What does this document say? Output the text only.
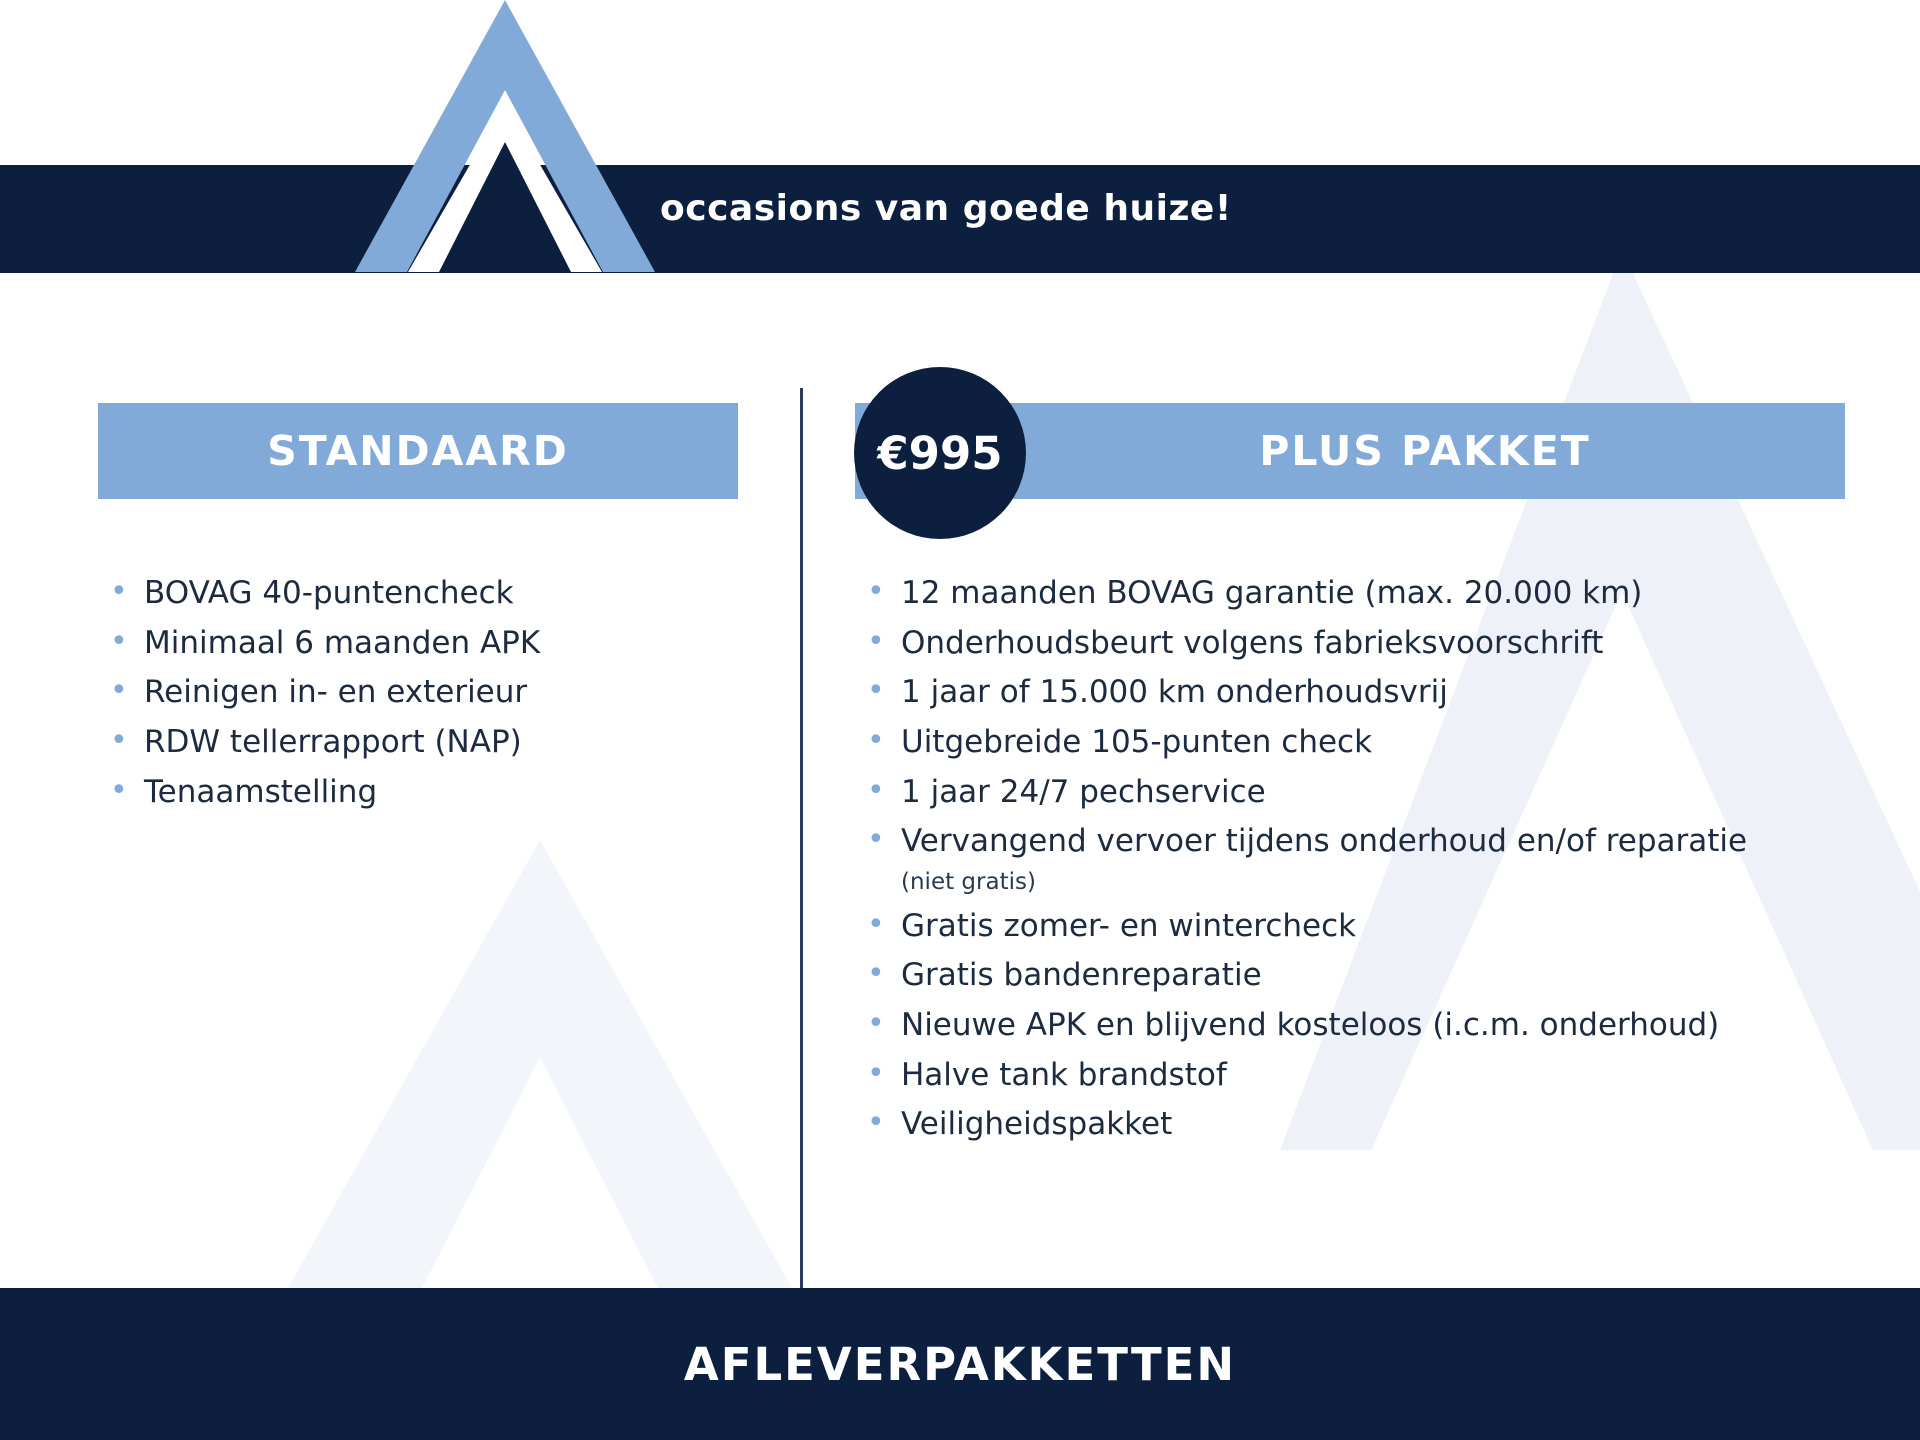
occasions van goede huize!
STANDAARD
• BOVAG 40-puntencheck
• Minimaal 6 maanden APK
• Reinigen in- en exterieur
• RDW tellerrapport (NAP)
• Tenaamstelling
PLUS PAKKET
€995
• 12 maanden BOVAG garantie (max. 20.000 km)
• Onderhoudsbeurt volgens fabrieksvoorschrift
• 1 jaar of 15.000 km onderhoudsvrij
• Uitgebreide 105-punten check
• 1 jaar 24/7 pechservice
• Vervangend vervoer tijdens onderhoud en/of reparatie
(niet gratis)
• Gratis zomer- en wintercheck
• Gratis bandenreparatie
• Nieuwe APK en blijvend kosteloos (i.c.m. onderhoud)
• Halve tank brandstof
• Veiligheidspakket
AFLEVERPAKKETTEN
